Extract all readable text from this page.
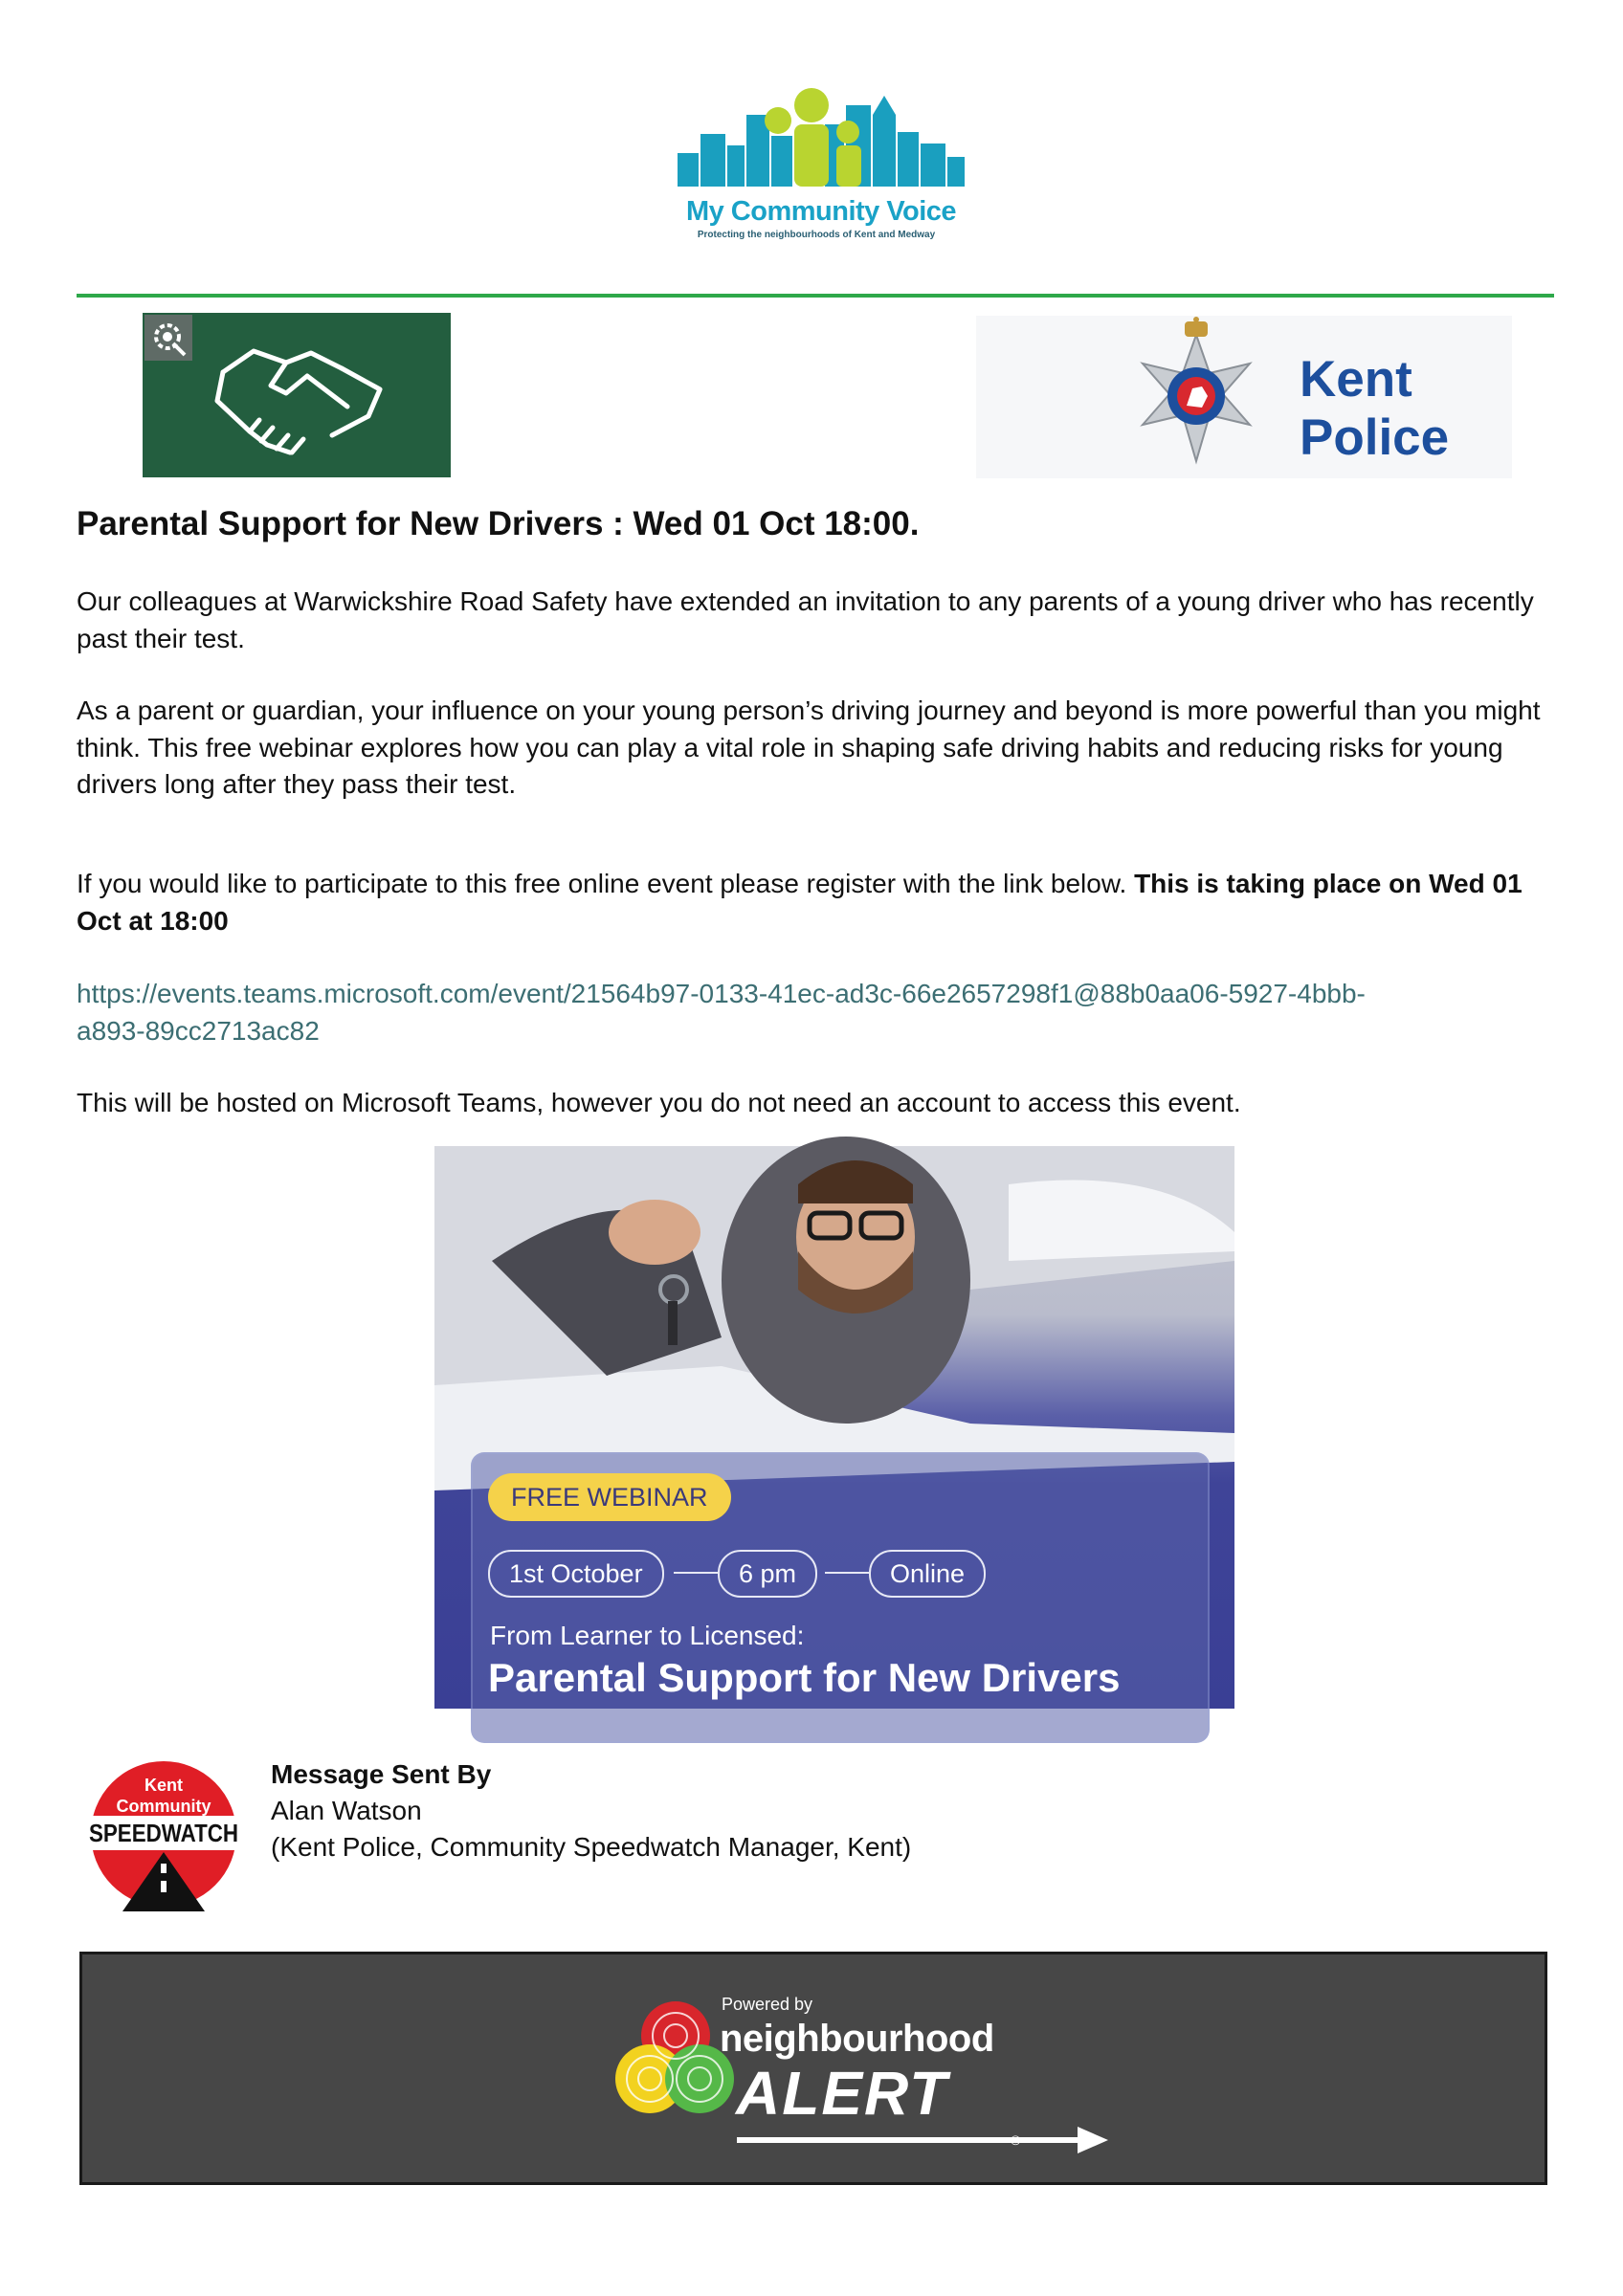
My Community Voice
Protecting the neighbourhoods of Kent and Medway
Kent
Police
Parental Support for New Drivers : Wed 01 Oct 18:00.
Our colleagues at Warwickshire Road Safety have extended an invitation to any parents of a young driver who has recently past their test.
As a parent or guardian, your influence on your young person’s driving journey and beyond is more powerful than you might think. This free webinar explores how you can play a vital role in shaping safe driving habits and reducing risks for young drivers long after they pass their test.
If you would like to participate to this free online event please register with the link below. This is taking place on Wed 01 Oct at 18:00
https://events.teams.microsoft.com/event/21564b97-0133-41ec-ad3c-66e2657298f1@88b0aa06-5927-4bbb-
a893-89cc2713ac82
This will be hosted on Microsoft Teams, however you do not need an account to access this event.
FREE WEBINAR
1st October	6 pm	Online
From Learner to Licensed:
Parental Support for New Drivers
Kent
Community
SPEEDWATCH
Message Sent By
Alan Watson
(Kent Police, Community Speedwatch Manager, Kent)
Powered by
neighbourhood
ALERT
©
